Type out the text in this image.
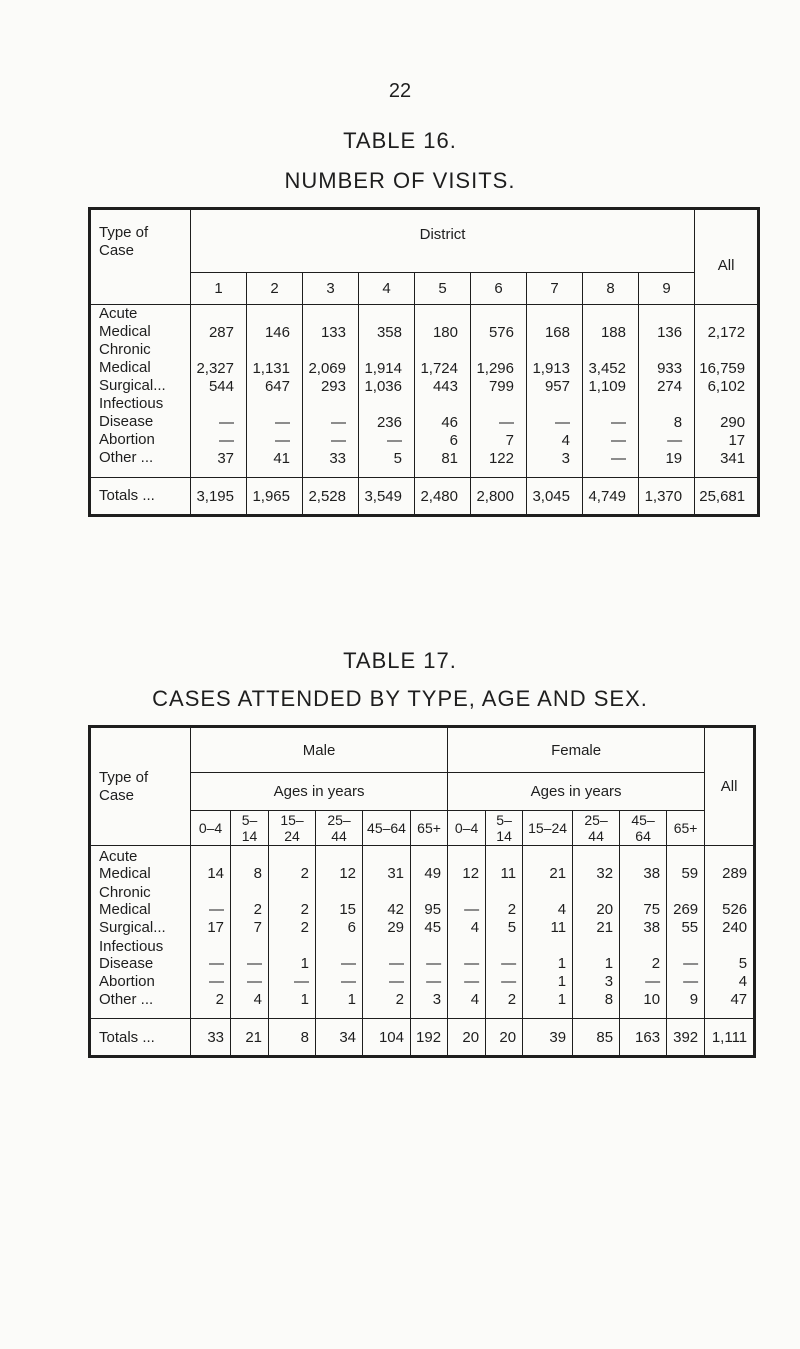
22
TABLE 16.
NUMBER OF VISITS.
Type of Case	District									All
	1	2	3	4	5	6	7	8	9	

Acute
Medical	287	146	133	358	180	576	168	188	136	2,172

Chronic
Medical	2,327	1,131	2,069	1,914	1,724	1,296	1,913	3,452	933	16,759

Surgical...	544	647	293	1,036	443	799	957	1,109	274	6,102

Infectious
Disease	—	—	—	236	46	—	—	—	8	290

Abortion	—	—	—	—	6	7	4	—	—	17

Other ...	37	41	33	5	81	122	3	—	19	341
Totals ...	3,195	1,965	2,528	3,549	2,480	2,800	3,045	4,749	1,370	25,681
TABLE 17.
CASES ATTENDED BY TYPE, AGE AND SEX.
Type of Case	Male						Female						All
	Ages in years						Ages in years						
	0–4	5–14	15–24	25–44	45–64	65+	0–4	5–14	15–24	25–44	45–64	65+	

Acute
Medical	14	8	2	12	31	49	12	11	21	32	38	59	289

Chronic
Medical	—	2	2	15	42	95	—	2	4	20	75	269	526

Surgical...	17	7	2	6	29	45	4	5	11	21	38	55	240

Infectious
Disease	—	—	1	—	—	—	—	—	1	1	2	—	5

Abortion	—	—	—	—	—	—	—	—	1	3	—	—	4

Other ...	2	4	1	1	2	3	4	2	1	8	10	9	47
Totals ...	33	21	8	34	104	192	20	20	39	85	163	392	1,111
